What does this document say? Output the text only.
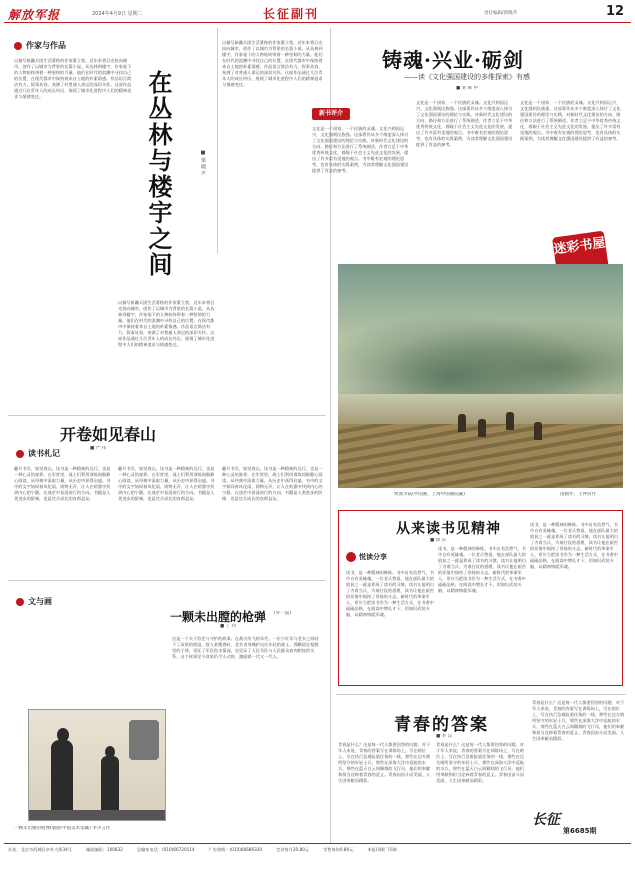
解放军报	2024年4月9日 星期二	长征副刊	责任编辑/郭晓齐	12
作家与作品
在丛林与楼宇之间	■ 梁 晓 声
以描写新疆兵团生活著称的作家董立勃，近年来将目光投向城市，创作了以城市为背景的长篇小说。从丛林到楼宇，作家笔下的人物始终带着一种坚韧的力量。他们在时代的浪潮中寻找自己的位置，在现代都市中保持着来自土地的朴素情感。作品语言简洁有力，叙事从容，充满了对普通人命运的深切关怀。这部作品通过几位青年人的成长经历，展现了城市化进程中人们的精神追求与情感变迁。
以描写新疆兵团生活著称的作家董立勃，近年来将目光投向城市，创作了以城市为背景的长篇小说。从丛林到楼宇，作家笔下的人物始终带着一种坚韧的力量。他们在时代的浪潮中寻找自己的位置，在现代都市中保持着来自土地的朴素情感。作品语言简洁有力，叙事从容，充满了对普通人命运的深切关怀。这部作品通过几位青年人的成长经历，展现了城市化进程中人们的精神追求与情感变迁。
以描写新疆兵团生活著称的作家董立勃，近年来将目光投向城市，创作了以城市为背景的长篇小说。从丛林到楼宇，作家笔下的人物始终带着一种坚韧的力量。他们在时代的浪潮中寻找自己的位置，在现代都市中保持着来自土地的朴素情感。作品语言简洁有力，叙事从容，充满了对普通人命运的深切关怀。这部作品通过几位青年人的成长经历，展现了城市化进程中人们的精神追求与情感变迁。
开卷如见春山
■ 严 伟
读书札记
翻开书页，如见春山。读书是一种精神的远行，也是一种心灵的滋养。在军营里，战士们利用训练间隙静心阅读，从经典中汲取力量，从历史中获得启迪。书中的文字如同春风化雨，润物无声，让人在喧嚣中找到内心的宁静，在迷茫中看清前行的方向。书籍是人类进步的阶梯，也是官兵成长的良师益友。
翻开书页，如见春山。读书是一种精神的远行，也是一种心灵的滋养。在军营里，战士们利用训练间隙静心阅读，从经典中汲取力量，从历史中获得启迪。书中的文字如同春风化雨，润物无声，让人在喧嚣中找到内心的宁静，在迷茫中看清前行的方向。书籍是人类进步的阶梯，也是官兵成长的良师益友。
翻开书页，如见春山。读书是一种精神的远行，也是一种心灵的滋养。在军营里，战士们利用训练间隙静心阅读，从经典中汲取力量，从历史中获得启迪。书中的文字如同春风化雨，润物无声，让人在喧嚣中找到内心的宁静，在迷茫中看清前行的方向。书籍是人类进步的阶梯，也是官兵成长的良师益友。
文与画
一颗未出膛的枪弹 (外一篇)
■ 丁 玲
一颗未出膛的枪弹(版画·中国美术馆藏) 李少言作
这是一个关于信任与守护的故事。在战火纷飞的年代，一位小红军与老乡之间结下了深厚的情谊。敌人来搜查时，老乡舍身掩护这位年轻的战士。那颗留在枪膛里的子弹，见证了军民鱼水情深，也见证了人民军队与人民群众血肉相连的关系。这个故事至今读来仍令人动容，激励着一代又一代人。
铸魂·兴业·砺剑
——读《文化强国建设的多维探索》有感
■ 刘 韩 中
新书评介
文化是一个国家、一个民族的灵魂。文化兴则国运兴，文化强则民族强。这部著作从多个维度深入探讨了文化强国建设的理论与实践，对新时代文化建设的方向、路径和方法进行了系统阐述。作者立足于中华优秀传统文化，着眼于社会主义先进文化的发展，提出了许多富有见地的观点。书中既有宏观的理论思考，也有具体的实践案例，为读者理解文化强国建设提供了有益的参考。
文化是一个国家、一个民族的灵魂。文化兴则国运兴，文化强则民族强。这部著作从多个维度深入探讨了文化强国建设的理论与实践，对新时代文化建设的方向、路径和方法进行了系统阐述。作者立足于中华优秀传统文化，着眼于社会主义先进文化的发展，提出了许多富有见地的观点。书中既有宏观的理论思考，也有具体的实践案例，为读者理解文化强国建设提供了有益的参考。
文化是一个国家、一个民族的灵魂。文化兴则国运兴，文化强则民族强。这部著作从多个维度深入探讨了文化强国建设的理论与实践，对新时代文化建设的方向、路径和方法进行了系统阐述。作者立足于中华优秀传统文化，着眼于社会主义先进文化的发展，提出了许多富有见地的观点。书中既有宏观的理论思考，也有具体的实践案例，为读者理解文化强国建设提供了有益的参考。
迷彩书屋
致血为霞(中国画，上海中国画院藏)	国画作，王仲清作
从来读书见精神
■ 徐 乐
悦读分享
读书，是一种精神的修炼。书中自有浩然气，书中自有英雄魂。一位老兵曾说，他在部队最大的收获之一就是养成了读书的习惯。读书让他明白了为谁当兵、为谁打仗的道理，读书让他在艰苦的环境中保持了昂扬的斗志。新时代的革命军人，更应当把读书作为一种生活方式，在书香中砥砺品格，在阅读中增长才干，用知识武装头脑，以精神铸就军魂。
读书，是一种精神的修炼。书中自有浩然气，书中自有英雄魂。一位老兵曾说，他在部队最大的收获之一就是养成了读书的习惯。读书让他明白了为谁当兵、为谁打仗的道理，读书让他在艰苦的环境中保持了昂扬的斗志。新时代的革命军人，更应当把读书作为一种生活方式，在书香中砥砺品格，在阅读中增长才干，用知识武装头脑，以精神铸就军魂。
读书，是一种精神的修炼。书中自有浩然气，书中自有英雄魂。一位老兵曾说，他在部队最大的收获之一就是养成了读书的习惯。读书让他明白了为谁当兵、为谁打仗的道理，读书让他在艰苦的环境中保持了昂扬的斗志。新时代的革命军人，更应当把读书作为一种生活方式，在书香中砥砺品格，在阅读中增长才干，用知识武装头脑，以精神铸就军魂。
青春的答案
■ 李 汉
青春是什么？这是每一代人都要回答的问题。对于军人来说，青春的答案写在训练场上，写在哨位上，写在执行急难险重任务的一线。那些在边关哨所坚守的年轻士兵，那些在深海大洋中巡航的水兵，那些在蓝天白云间翱翔的飞行员，他们用奉献和担当诠释着青春的意义。青春因奋斗而美丽，人生因奉献而精彩。
青春是什么？这是每一代人都要回答的问题。对于军人来说，青春的答案写在训练场上，写在哨位上，写在执行急难险重任务的一线。那些在边关哨所坚守的年轻士兵，那些在深海大洋中巡航的水兵，那些在蓝天白云间翱翔的飞行员，他们用奉献和担当诠释着青春的意义。青春因奋斗而美丽，人生因奉献而精彩。
青春是什么？这是每一代人都要回答的问题。对于军人来说，青春的答案写在训练场上，写在哨位上，写在执行急难险重任务的一线。那些在边关哨所坚守的年轻士兵，那些在深海大洋中巡航的水兵，那些在蓝天白云间翱翔的飞行员，他们用奉献和担当诠释着青春的意义。青春因奋斗而美丽，人生因奉献而精彩。
长征
第6685期
社址：北京市西城区阜外大街34号	邮政编码：100832	总编室电话：(010)66720114	广告热线：(010)66686330	定价每月20.80元	零售每份0.80元	本报印刷厂印刷
